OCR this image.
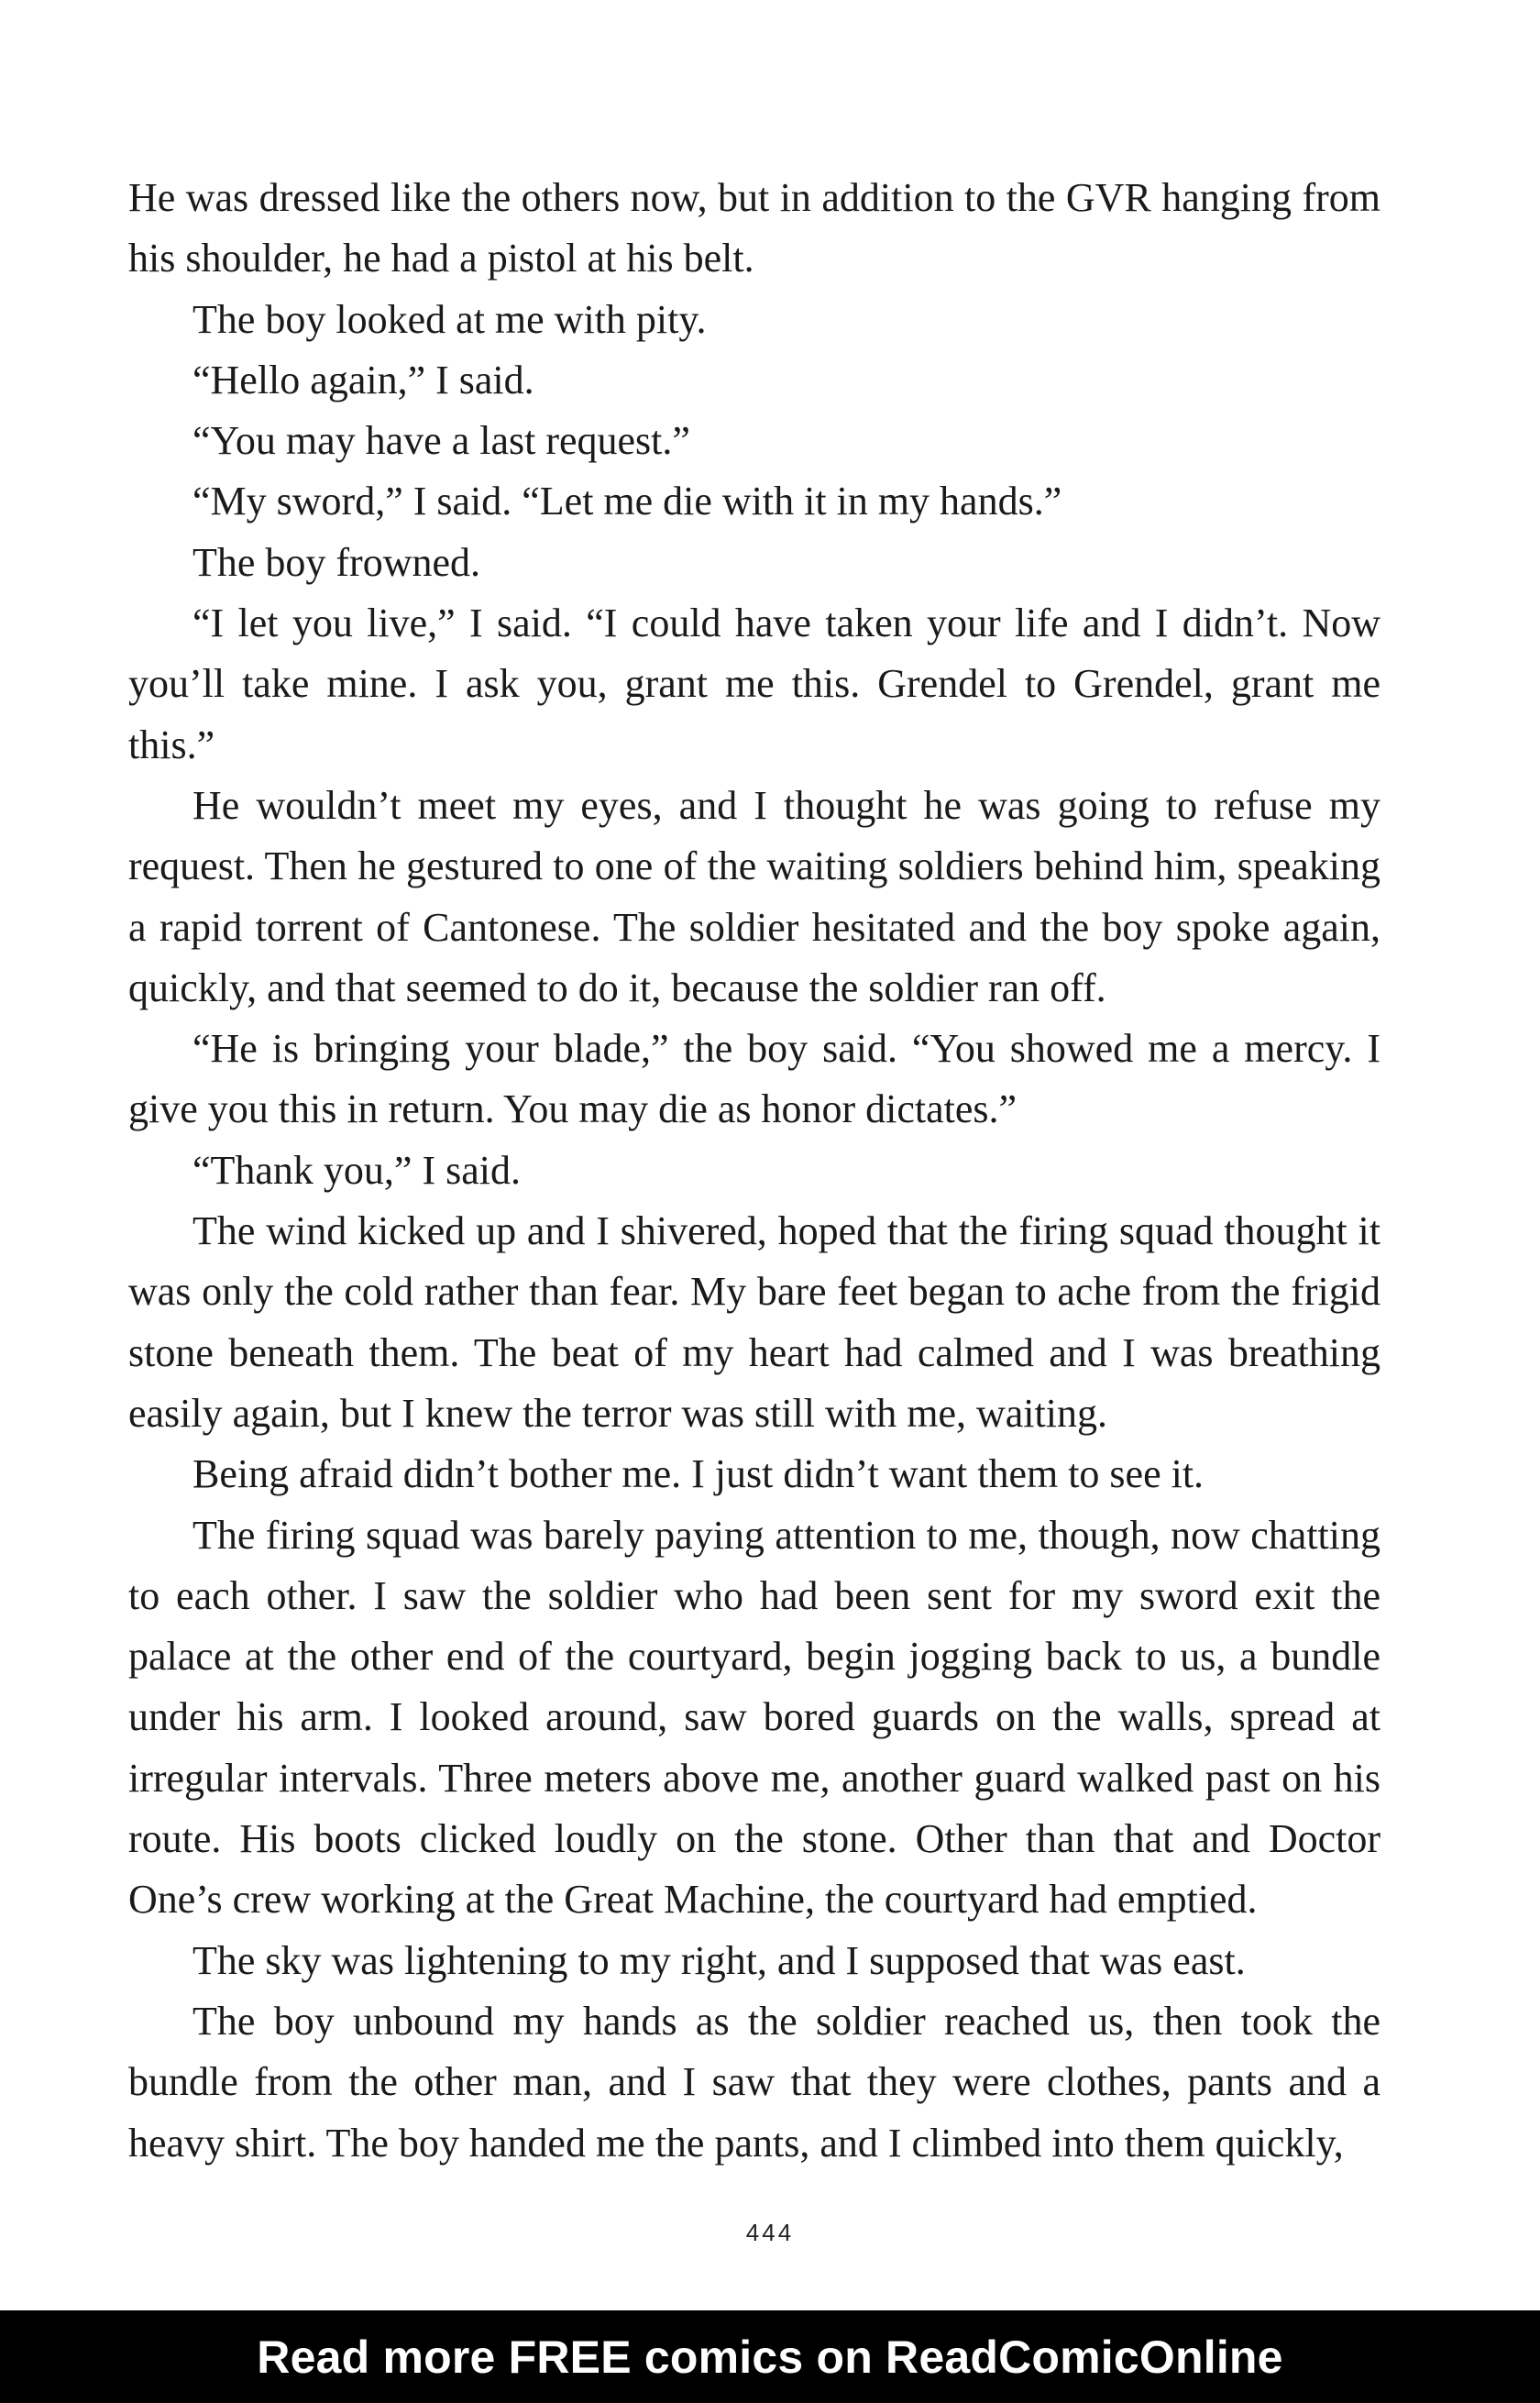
He was dressed like the others now, but in addition to the GVR hanging from his shoulder, he had a pistol at his belt.

The boy looked at me with pity.

“Hello again,” I said.

“You may have a last request.”

“My sword,” I said. “Let me die with it in my hands.”

The boy frowned.

“I let you live,” I said. “I could have taken your life and I didn’t. Now you’ll take mine. I ask you, grant me this. Grendel to Grendel, grant me this.”

He wouldn’t meet my eyes, and I thought he was going to refuse my request. Then he gestured to one of the waiting soldiers behind him, speaking a rapid torrent of Cantonese. The soldier hesitated and the boy spoke again, quickly, and that seemed to do it, because the soldier ran off.

“He is bringing your blade,” the boy said. “You showed me a mercy. I give you this in return. You may die as honor dictates.”

“Thank you,” I said.

The wind kicked up and I shivered, hoped that the firing squad thought it was only the cold rather than fear. My bare feet began to ache from the frigid stone beneath them. The beat of my heart had calmed and I was breathing easily again, but I knew the terror was still with me, waiting.

Being afraid didn’t bother me. I just didn’t want them to see it.

The firing squad was barely paying attention to me, though, now chatting to each other. I saw the soldier who had been sent for my sword exit the palace at the other end of the courtyard, begin jogging back to us, a bundle under his arm. I looked around, saw bored guards on the walls, spread at irregular intervals. Three meters above me, another guard walked past on his route. His boots clicked loudly on the stone. Other than that and Doctor One’s crew working at the Great Machine, the courtyard had emptied.

The sky was lightening to my right, and I supposed that was east.

The boy unbound my hands as the soldier reached us, then took the bundle from the other man, and I saw that they were clothes, pants and a heavy shirt. The boy handed me the pants, and I climbed into them quickly,

444
Read more FREE comics on ReadComicOnline
